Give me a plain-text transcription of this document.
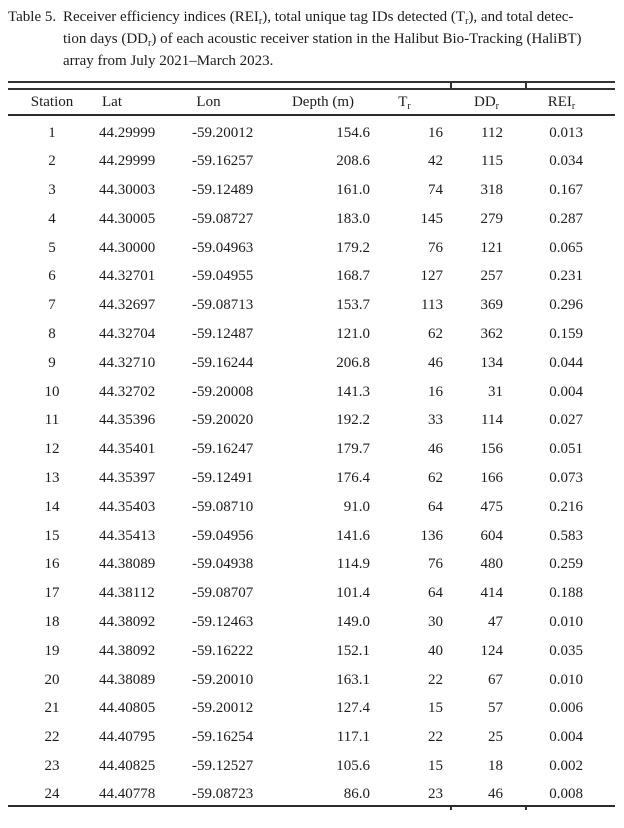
Table 5. Receiver efficiency indices $(REI_r)$, total unique tag IDs detected $(T_r)$, and total detec-
tion days $(DD_r)$ of each acoustic receiver station in the Halibut Bio-Tracking (HaliBT)
array from July 2021–March 2023.
Station	Lat	Lon	Depth (m)	$T_r$	$DD_r$	$REI_r$
1	44.29999	-59.20012	154.6	16	112	0.013
2	44.29999	-59.16257	208.6	42	115	0.034
3	44.30003	-59.12489	161.0	74	318	0.167
4	44.30005	-59.08727	183.0	145	279	0.287
5	44.30000	-59.04963	179.2	76	121	0.065
6	44.32701	-59.04955	168.7	127	257	0.231
7	44.32697	-59.08713	153.7	113	369	0.296
8	44.32704	-59.12487	121.0	62	362	0.159
9	44.32710	-59.16244	206.8	46	134	0.044
10	44.32702	-59.20008	141.3	16	31	0.004
11	44.35396	-59.20020	192.2	33	114	0.027
12	44.35401	-59.16247	179.7	46	156	0.051
13	44.35397	-59.12491	176.4	62	166	0.073
14	44.35403	-59.08710	91.0	64	475	0.216
15	44.35413	-59.04956	141.6	136	604	0.583
16	44.38089	-59.04938	114.9	76	480	0.259
17	44.38112	-59.08707	101.4	64	414	0.188
18	44.38092	-59.12463	149.0	30	47	0.010
19	44.38092	-59.16222	152.1	40	124	0.035
20	44.38089	-59.20010	163.1	22	67	0.010
21	44.40805	-59.20012	127.4	15	57	0.006
22	44.40795	-59.16254	117.1	22	25	0.004
23	44.40825	-59.12527	105.6	15	18	0.002
24	44.40778	-59.08723	86.0	23	46	0.008
